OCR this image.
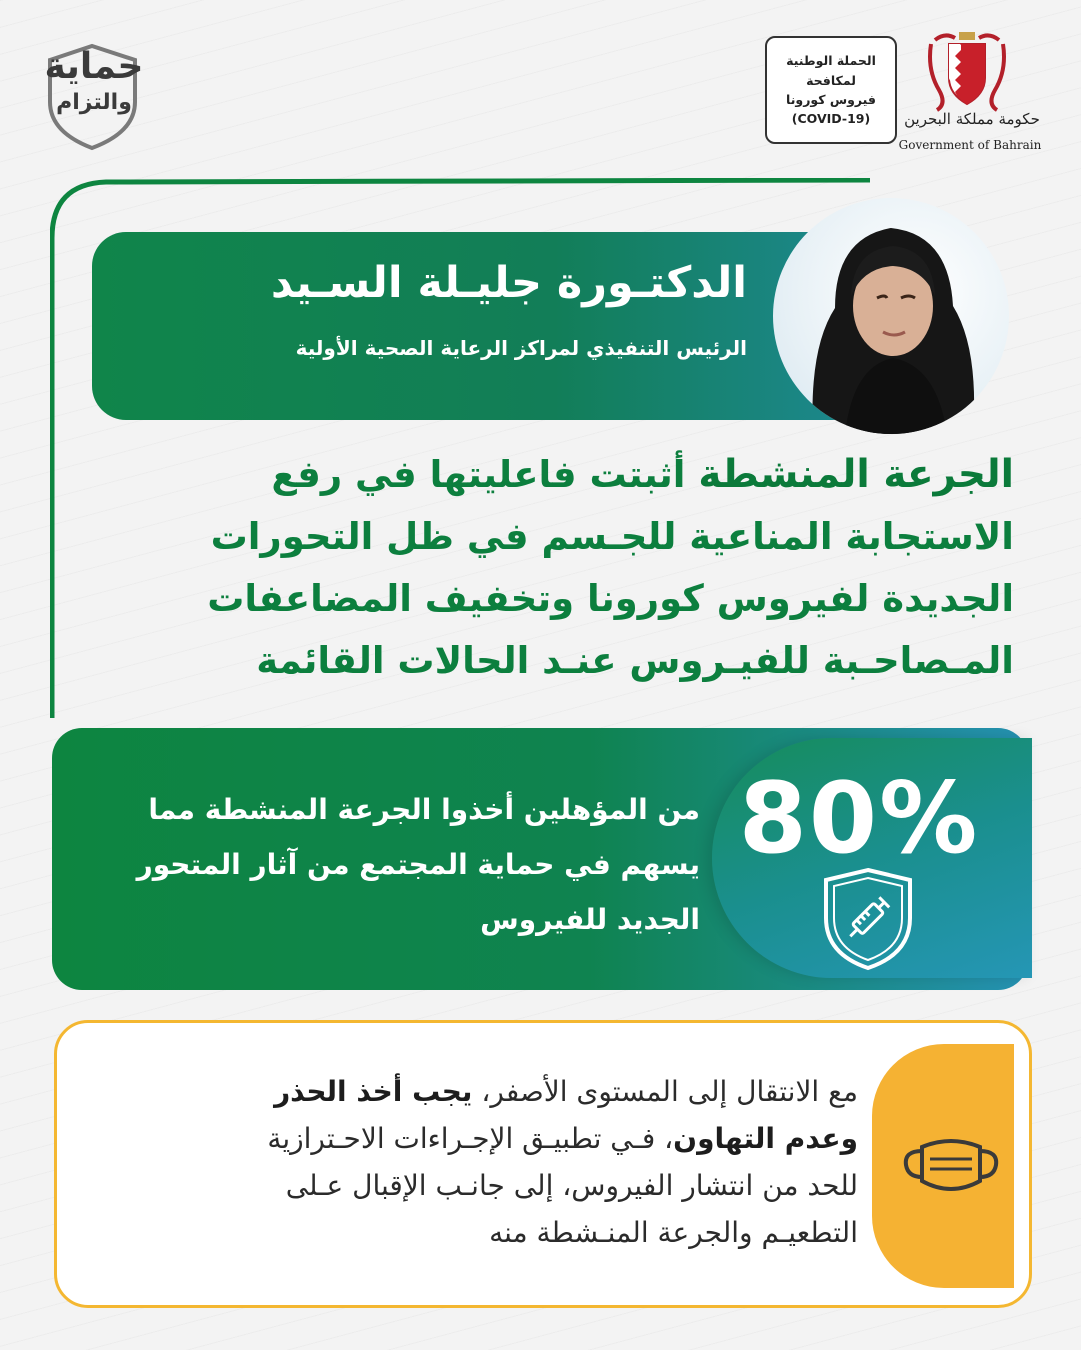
حماية
والتزام
الحملة الوطنية
لمكافحة
فيروس كورونا
(COVID-19) حكومة مملكة البحرين
Government of Bahrain
الدكتـورة جليـلة السـيد
الرئيس التنفيذي لمراكز الرعاية الصحية الأولية
الجرعة المنشطة أثبتت فاعليتها في رفع
الاستجابة المناعية للجـسم في ظل التحورات
الجديدة لفيروس كورونا وتخفيف المضاعفات
المـصاحـبة للفيـروس عنـد الحالات القائمة
80%
من المؤهلين أخذوا الجرعة المنشطة مما
يسهم في حماية المجتمع من آثار المتحور
الجديد للفيروس
مع الانتقال إلى المستوى الأصفر، يجب أخذ الحذر
وعدم التهاون، فـي تطبيـق الإجـراءات الاحـترازية
للحد من انتشار الفيروس، إلى جانـب الإقبال عـلى
التطعيـم والجرعة المنـشطة منه
